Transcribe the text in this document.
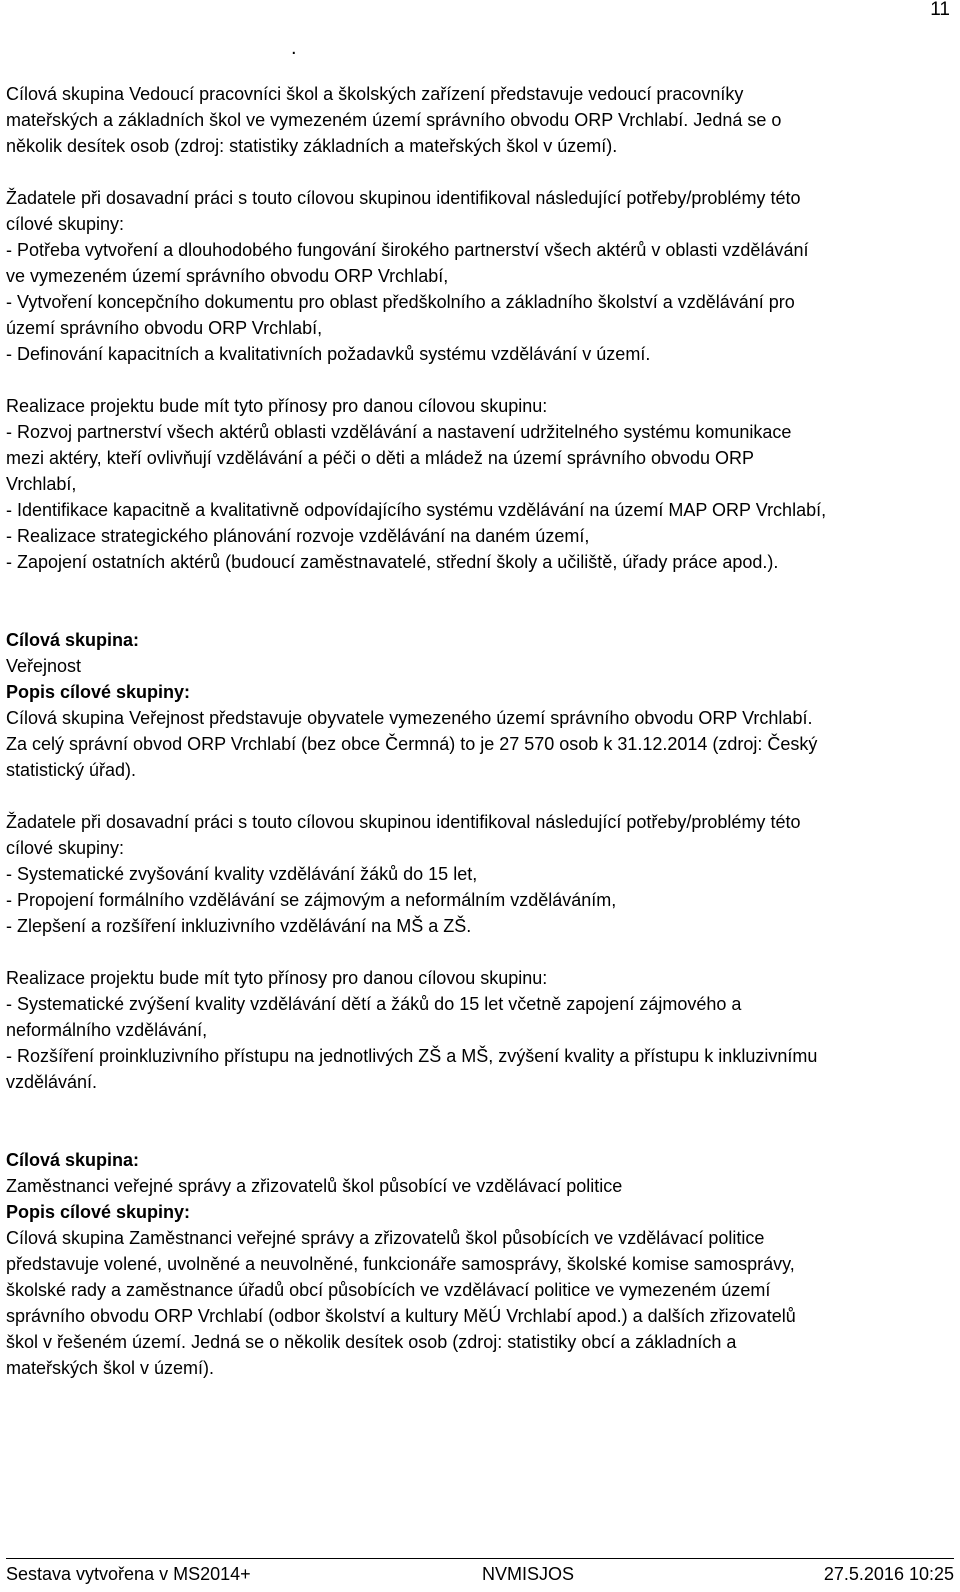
11
.
Cílová skupina Vedoucí pracovníci škol a školských zařízení představuje vedoucí pracovníky
mateřských a základních škol ve vymezeném území správního obvodu ORP Vrchlabí. Jedná se o
několik desítek osob (zdroj: statistiky základních a mateřských škol v území).
Žadatele při dosavadní práci s touto cílovou skupinou identifikoval následující potřeby/problémy této
cílové skupiny:
- Potřeba vytvoření a dlouhodobého fungování širokého partnerství všech aktérů v oblasti vzdělávání
ve vymezeném území správního obvodu ORP Vrchlabí,
- Vytvoření koncepčního dokumentu pro oblast předškolního a základního školství a vzdělávání pro
území správního obvodu ORP Vrchlabí,
- Definování kapacitních a kvalitativních požadavků systému vzdělávání v území.
Realizace projektu bude mít tyto přínosy pro danou cílovou skupinu:
- Rozvoj partnerství všech aktérů oblasti vzdělávání a nastavení udržitelného systému komunikace
mezi aktéry, kteří ovlivňují vzdělávání a péči o děti a mládež na území správního obvodu ORP
Vrchlabí,
- Identifikace kapacitně a kvalitativně odpovídajícího systému vzdělávání na území MAP ORP Vrchlabí,
- Realizace strategického plánování rozvoje vzdělávání na daném území,
- Zapojení ostatních aktérů (budoucí zaměstnavatelé, střední školy a učiliště, úřady práce apod.).
Cílová skupina:
Veřejnost
Popis cílové skupiny:
Cílová skupina Veřejnost představuje obyvatele vymezeného území správního obvodu ORP Vrchlabí.
Za celý správní obvod ORP Vrchlabí (bez obce Čermná) to je 27 570 osob k 31.12.2014 (zdroj: Český
statistický úřad).
Žadatele při dosavadní práci s touto cílovou skupinou identifikoval následující potřeby/problémy této
cílové skupiny:
- Systematické zvyšování kvality vzdělávání žáků do 15 let,
- Propojení formálního vzdělávání se zájmovým a neformálním vzděláváním,
- Zlepšení a rozšíření inkluzivního vzdělávání na MŠ a ZŠ.
Realizace projektu bude mít tyto přínosy pro danou cílovou skupinu:
- Systematické zvýšení kvality vzdělávání dětí a žáků do 15 let včetně zapojení zájmového a
neformálního vzdělávání,
- Rozšíření proinkluzivního přístupu na jednotlivých ZŠ a MŠ, zvýšení kvality a přístupu k inkluzivnímu
vzdělávání.
Cílová skupina:
Zaměstnanci veřejné správy a zřizovatelů škol působící ve vzdělávací politice
Popis cílové skupiny:
Cílová skupina Zaměstnanci veřejné správy a zřizovatelů škol působících ve vzdělávací politice
představuje volené, uvolněné a neuvolněné, funkcionáře samosprávy, školské komise samosprávy,
školské rady a zaměstnance úřadů obcí působících ve vzdělávací politice ve vymezeném území
správního obvodu ORP Vrchlabí (odbor školství a kultury MěÚ Vrchlabí apod.) a dalších zřizovatelů
škol v řešeném území. Jedná se o několik desítek osob (zdroj: statistiky obcí a základních a
mateřských škol v území).
Sestava vytvořena v MS2014+	NVMISJOS	27.5.2016 10:25
